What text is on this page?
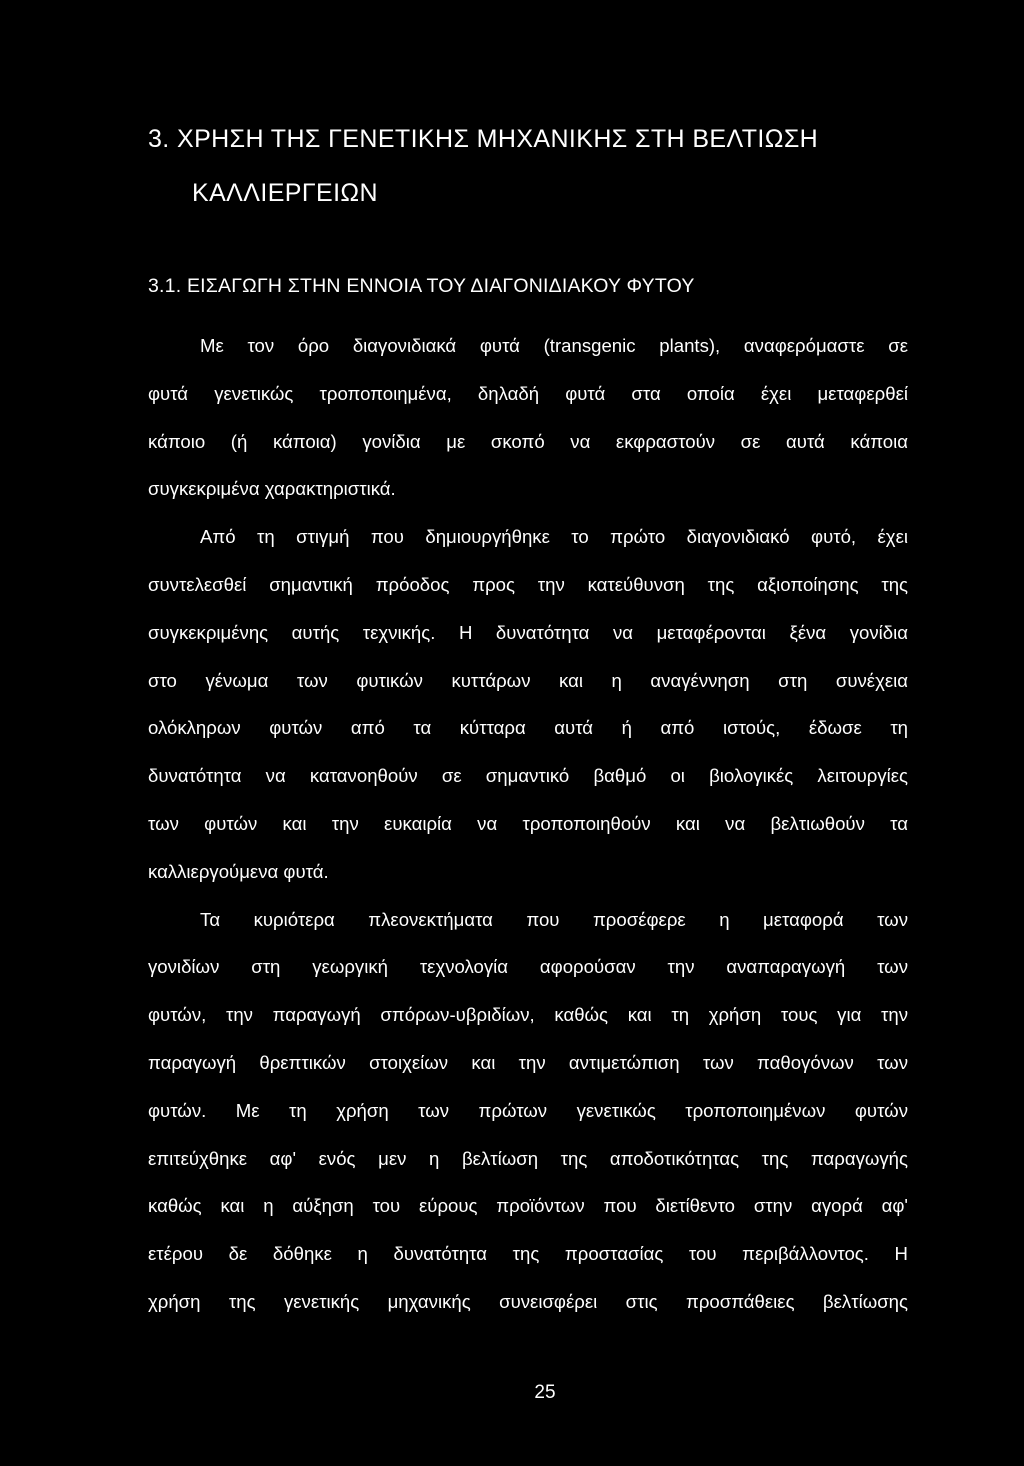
3. ΧΡΗΣΗ ΤΗΣ ΓΕΝΕΤΙΚΗΣ ΜΗΧΑΝΙΚΗΣ ΣΤΗ ΒΕΛΤΙΩΣΗ
ΚΑΛΛΙΕΡΓΕΙΩΝ
3.1. ΕΙΣΑΓΩΓΗ ΣΤΗΝ ΕΝΝΟΙΑ ΤΟΥ ΔΙΑΓΟΝΙΔΙΑΚΟΥ ΦΥΤΟΥ
Με τον όρο διαγονιδιακά φυτά (transgenic plants), αναφερόμαστε σε
φυτά γενετικώς τροποποιημένα, δηλαδή φυτά στα οποία έχει μεταφερθεί
κάποιο (ή κάποια) γονίδια με σκοπό να εκφραστούν σε αυτά κάποια
συγκεκριμένα χαρακτηριστικά.
Από τη στιγμή που δημιουργήθηκε το πρώτο διαγονιδιακό φυτό, έχει
συντελεσθεί σημαντική πρόοδος προς την κατεύθυνση της αξιοποίησης της
συγκεκριμένης αυτής τεχνικής. Η δυνατότητα να μεταφέρονται ξένα γονίδια
στο γένωμα των φυτικών κυττάρων και η αναγέννηση στη συνέχεια
ολόκληρων φυτών από τα κύτταρα αυτά ή από ιστούς, έδωσε τη
δυνατότητα να κατανοηθούν σε σημαντικό βαθμό οι βιολογικές λειτουργίες
των φυτών και την ευκαιρία να τροποποιηθούν και να βελτιωθούν τα
καλλιεργούμενα φυτά.
Τα κυριότερα πλεονεκτήματα που προσέφερε η μεταφορά των
γονιδίων στη γεωργική τεχνολογία αφορούσαν την αναπαραγωγή των
φυτών, την παραγωγή σπόρων-υβριδίων, καθώς και τη χρήση τους για την
παραγωγή θρεπτικών στοιχείων και την αντιμετώπιση των παθογόνων των
φυτών. Με τη χρήση των πρώτων γενετικώς τροποποιημένων φυτών
επιτεύχθηκε αφ' ενός μεν η βελτίωση της αποδοτικότητας της παραγωγής
καθώς και η αύξηση του εύρους προϊόντων που διετίθεντο στην αγορά αφ'
ετέρου δε δόθηκε η δυνατότητα της προστασίας του περιβάλλοντος. Η
χρήση της γενετικής μηχανικής συνεισφέρει στις προσπάθειες βελτίωσης

25
